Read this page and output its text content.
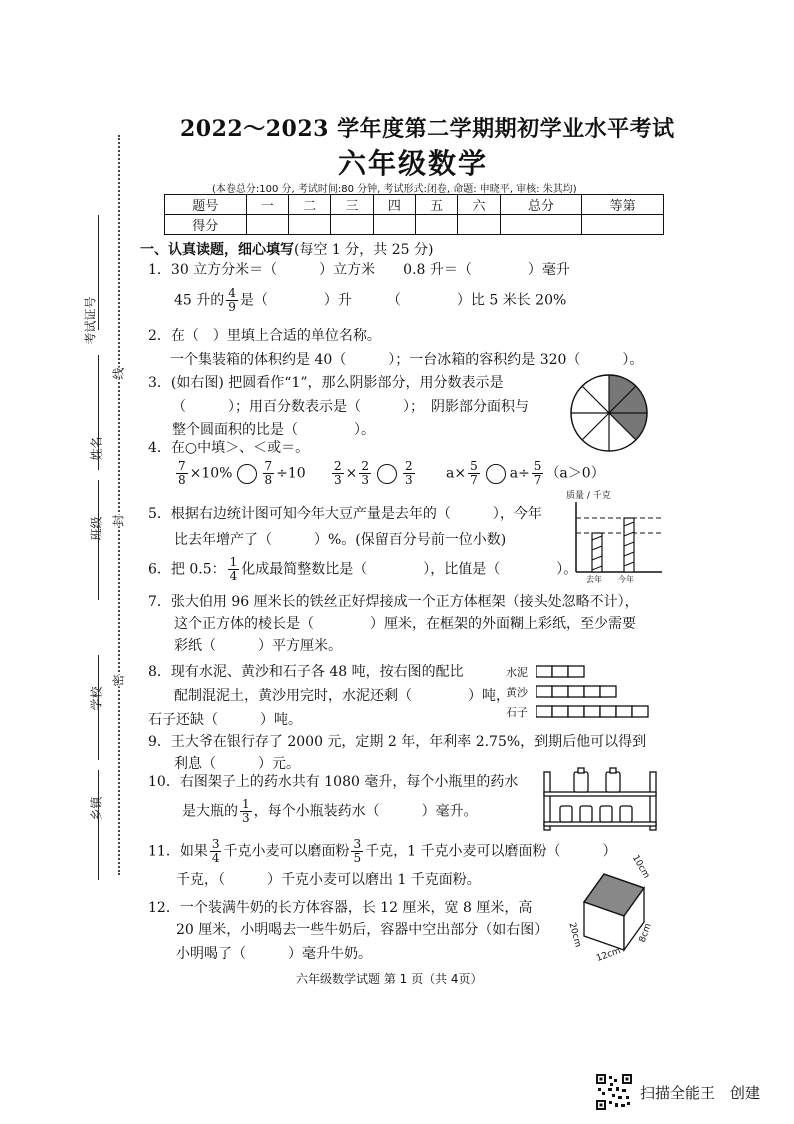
考试证号
姓名
班级
学校
乡镇
线
封
密
2022～2023 学年度第二学期期初学业水平考试
六年级数学
(本卷总分:100 分, 考试时间:80 分钟, 考试形式:闭卷, 命题: 申晓平, 审核: 朱其均)
题号	一	二	三	四	五	六	总分	等第
得分								
一、认真读题，细心填写(每空 1 分，共 25 分)
1．30 立方分米＝（　　　）立方米　　0.8 升＝（　　　　）毫升
45 升的 $\frac{4}{9}$ 是（　　　　）升　　　（　　　　）比 5 米长 20%
2．在（　）里填上合适的单位名称。
一个集装箱的体积约是 40（　　　）；一台冰箱的容积约是 320（　　　）。
3．(如右图) 把圆看作“1”，那么阴影部分，用分数表示是
（　　　）；用百分数表示是（　　　）；　阴影部分面积与
整个圆面积的比是（　　　　）。
4．在○中填＞、＜或＝。
$\frac{7}{8} \times 10\%$	$\frac{7}{8} \div 10 \frac{2}{3} \times \frac{2}{3}$	$\frac{2}{3} a\times \frac{5}{7} a\div \frac{5}{7} (a>0)$
5．根据右边统计图可知今年大豆产量是去年的（　　　），今年
比去年增产了（　　　）%。(保留百分号前一位小数)
质量 / 千克
去年 今年
6．把 0.5： $\frac{1}{4}$ 化成最简整数比是（　　　　），比值是（　　　　）。
7．张大伯用 96 厘米长的铁丝正好焊接成一个正方体框架（接头处忽略不计），
这个正方体的棱长是（　　　　）厘米，在框架的外面糊上彩纸，至少需要
彩纸（　　　）平方厘米。
8．现有水泥、黄沙和石子各 48 吨，按右图的配比
配制混泥土，黄沙用完时，水泥还剩（　　　　）吨，
石子还缺（　　　）吨。
水泥
黄沙
石子
9．王大爷在银行存了 2000 元，定期 2 年，年利率 2.75%，到期后他可以得到
利息（　　　）元。
10．右图架子上的药水共有 1080 毫升，每个小瓶里的药水
是大瓶的 $\frac{1}{3}$ ，每个小瓶装药水（　　　）毫升。
11．如果 $\frac{3}{4}$ 千克小麦可以磨面粉 $\frac{3}{5}$ 千克，1 千克小麦可以磨面粉（　　　）
千克，（　　　）千克小麦可以磨出 1 千克面粉。
12．一个装满牛奶的长方体容器，长 12 厘米，宽 8 厘米，高
20 厘米，小明喝去一些牛奶后，容器中空出部分（如右图）
小明喝了（　　　）毫升牛奶。
10cm
20cm
12cm
8cm
六年级数学试题 第 1 页（共 4页）
扫描全能王　创建
